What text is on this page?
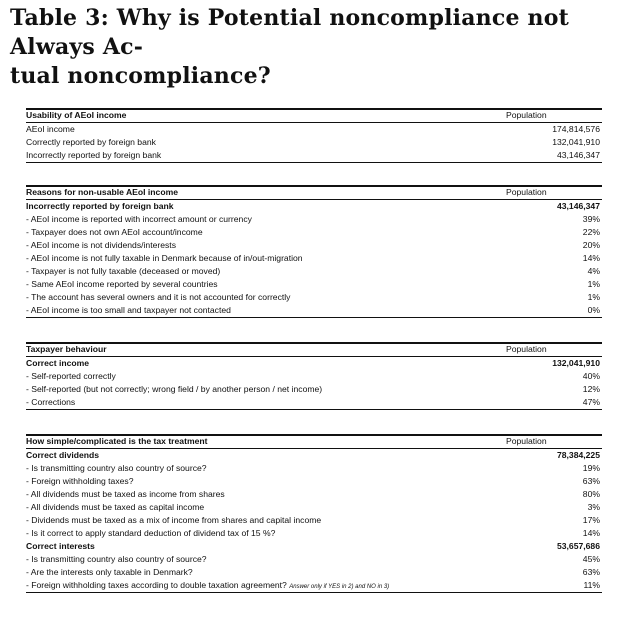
Table 3: Why is Potential noncompliance not Always Ac-
tual noncompliance?
Usability of AEoI income	Population
AEoI income	174,814,576
Correctly reported by foreign bank	132,041,910
Incorrectly reported by foreign bank	43,146,347
Reasons for non-usable AEoI income	Population
Incorrectly reported by foreign bank	43,146,347
- AEoI income is reported with incorrect amount or currency	39%
- Taxpayer does not own AEoI account/income	22%
- AEoI income is not dividends/interests	20%
- AEoI income is not fully taxable in Denmark because of in/out-migration	14%
- Taxpayer is not fully taxable (deceased or moved)	4%
- Same AEoI income reported by several countries	1%
- The account has several owners and it is not accounted for correctly	1%
- AEoI income is too small and taxpayer not contacted	0%
Taxpayer behaviour	Population
Correct income	132,041,910
- Self-reported correctly	40%
- Self-reported (but not correctly; wrong field / by another person / net income)	12%
- Corrections	47%
How simple/complicated is the tax treatment	Population
Correct dividends	78,384,225
- Is transmitting country also country of source?	19%
- Foreign withholding taxes?	63%
- All dividends must be taxed as income from shares	80%
- All dividends must be taxed as capital income	3%
- Dividends must be taxed as a mix of income from shares and capital income	17%
- Is it correct to apply standard deduction of dividend tax of 15 %?	14%
Correct interests	53,657,686
- Is transmitting country also country of source?	45%
- Are the interests only taxable in Denmark?	63%
- Foreign withholding taxes according to double taxation agreement? Answer only if YES in 2) and NO in 3)	11%
